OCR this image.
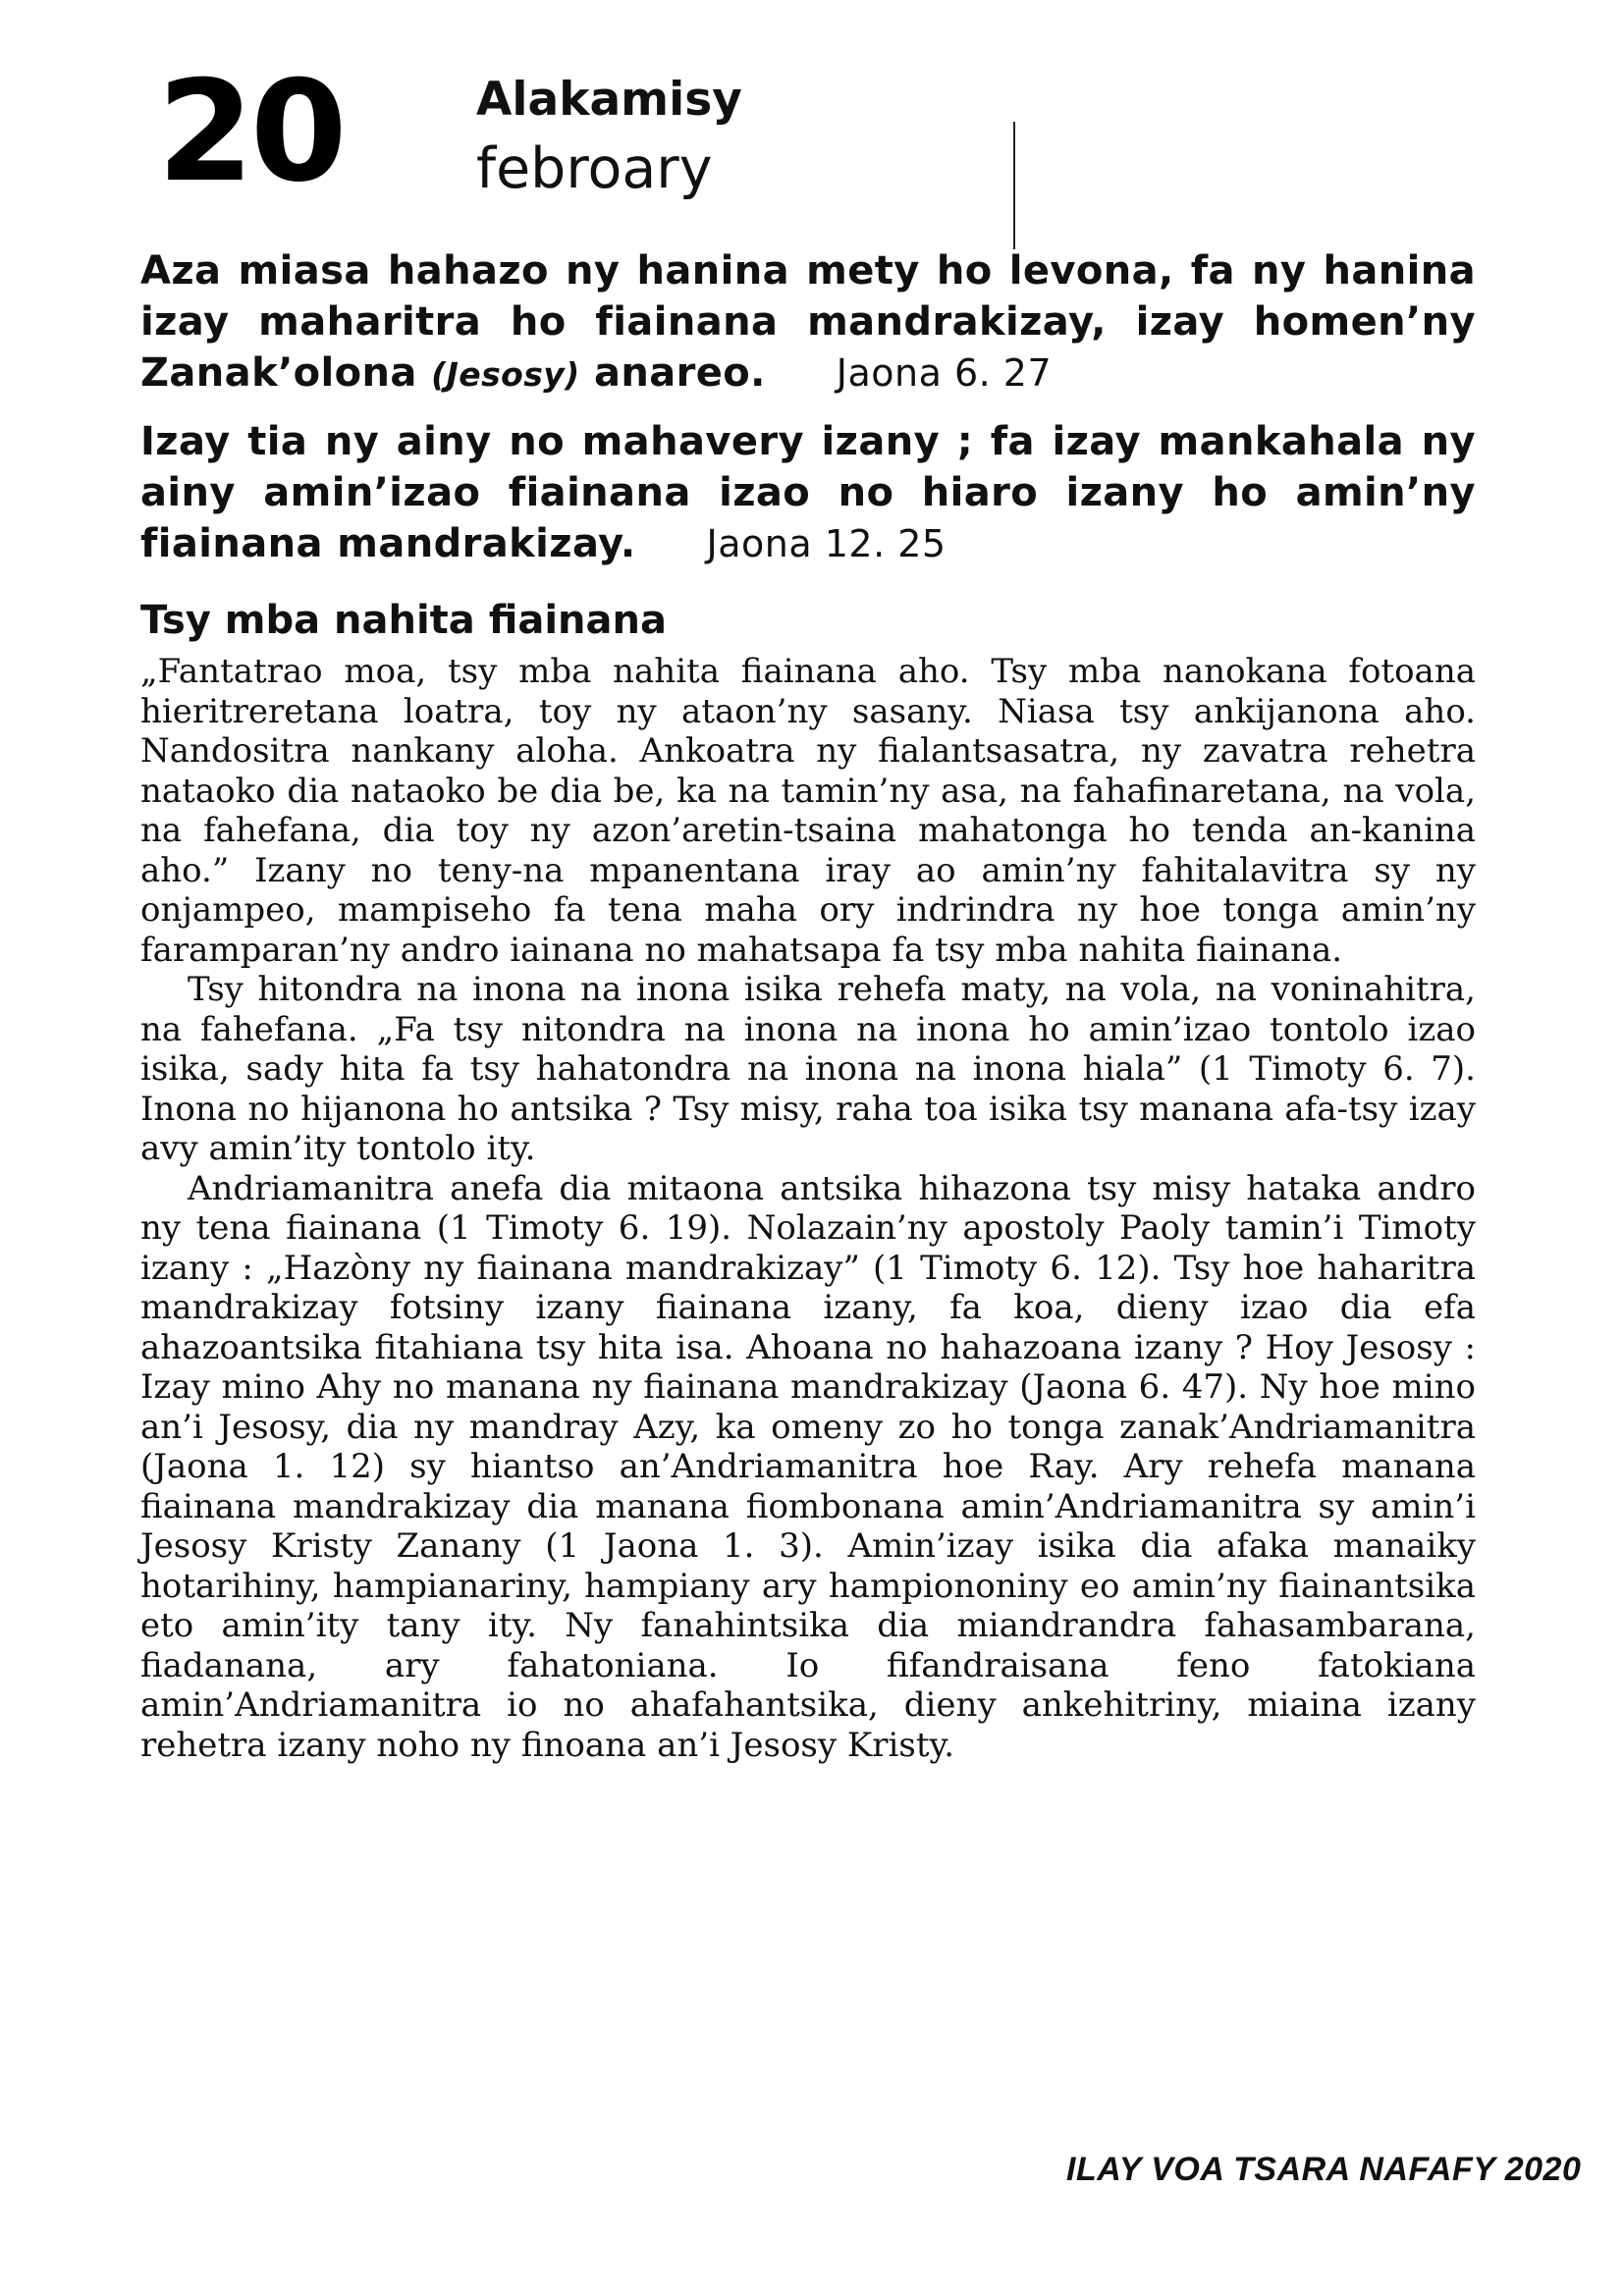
20	Alakamisy
febroary
Aza miasa hahazo ny hanina mety ho levona, fa ny hanina izay maharitra ho fiainana mandrakizay, izay homen’ny Zanak’olona (Jesosy) anareo. Jaona 6. 27
Izay tia ny ainy no mahavery izany ; fa izay mankahala ny ainy amin’izao fiainana izao no hiaro izany ho amin’ny fiainana mandrakizay. Jaona 12. 25
Tsy mba nahita fiainana

„Fantatrao moa, tsy mba nahita fiainana aho. Tsy mba nanokana fotoana hieritreretana loatra, toy ny ataon’ny sasany. Niasa tsy ankijanona aho. Nandositra nankany aloha. Ankoatra ny fialantsasatra, ny zavatra rehetra nataoko dia nataoko be dia be, ka na tamin’ny asa, na fahafinaretana, na vola, na fahefana, dia toy ny azon’aretin-tsaina mahatonga ho tenda an-kanina aho.” Izany no teny-na mpanentana iray ao amin’ny fahitalavitra sy ny onjampeo, mampiseho fa tena maha ory indrindra ny hoe tonga amin’ny faramparan’ny andro iainana no mahatsapa fa tsy mba nahita fiainana.

Tsy hitondra na inona na inona isika rehefa maty, na vola, na voninahitra, na fahefana. „Fa tsy nitondra na inona na inona ho amin’izao tontolo izao isika, sady hita fa tsy hahatondra na inona na inona hiala” (1 Timoty 6. 7). Inona no hijanona ho antsika ? Tsy misy, raha toa isika tsy manana afa-tsy izay avy amin’ity tontolo ity.

Andriamanitra anefa dia mitaona antsika hihazona tsy misy hataka andro ny tena fiainana (1 Timoty 6. 19). Nolazain’ny apostoly Paoly tamin’i Timoty izany : „Hazòny ny fiainana mandrakizay” (1 Timoty 6. 12). Tsy hoe haharitra mandrakizay fotsiny izany fiainana izany, fa koa, dieny izao dia efa ahazoantsika fitahiana tsy hita isa. Ahoana no hahazoana izany ? Hoy Jesosy : Izay mino Ahy no manana ny fiainana mandrakizay (Jaona 6. 47). Ny hoe mino an’i Jesosy, dia ny mandray Azy, ka omeny zo ho tonga zanak’Andriamanitra (Jaona 1. 12) sy hiantso an’Andriamanitra hoe Ray. Ary rehefa manana fiainana mandrakizay dia manana fiombonana amin’Andriamanitra sy amin’i Jesosy Kristy Zanany (1 Jaona 1. 3). Amin’izay isika dia afaka manaiky hotarihiny, hampianariny, hampiany ary hampiononiny eo amin’ny fiainantsika eto amin’ity tany ity. Ny fanahintsika dia miandrandra fahasambarana, fiadanana, ary fahatoniana. Io fifandraisana feno fatokiana amin’Andriamanitra io no ahafahantsika, dieny ankehitriny, miaina izany rehetra izany noho ny finoana an’i Jesosy Kristy.

ILAY VOA TSARA NAFAFY 2020
